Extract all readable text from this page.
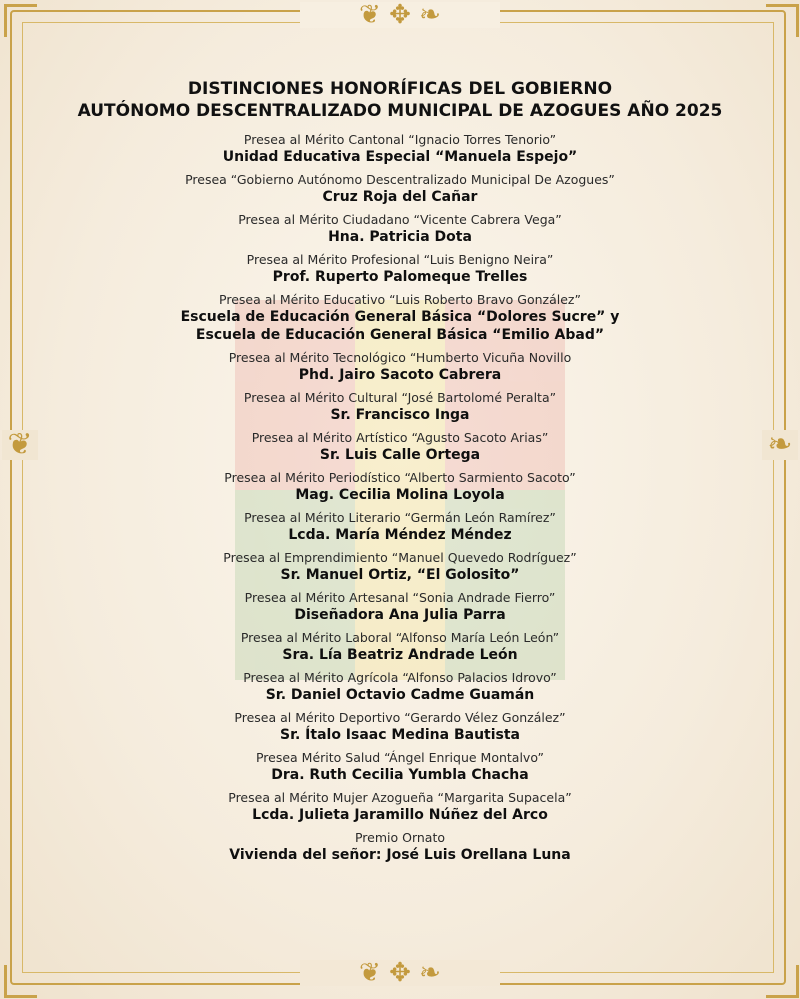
❦ ✥ ❧
❦ ✥ ❧
❦	❧
DISTINCIONES HONORÍFICAS DEL GOBIERNO
AUTÓNOMO DESCENTRALIZADO MUNICIPAL DE AZOGUES AÑO 2025
Presea al Mérito Cantonal “Ignacio Torres Tenorio”
Unidad Educativa Especial “Manuela Espejo”
Presea “Gobierno Autónomo Descentralizado Municipal De Azogues”
Cruz Roja del Cañar
Presea al Mérito Ciudadano “Vicente Cabrera Vega”
Hna. Patricia Dota
Presea al Mérito Profesional “Luis Benigno Neira”
Prof. Ruperto Palomeque Trelles
Presea al Mérito Educativo “Luis Roberto Bravo González”
Escuela de Educación General Básica “Dolores Sucre” y
Escuela de Educación General Básica “Emilio Abad”
Presea al Mérito Tecnológico “Humberto Vicuña Novillo
Phd. Jairo Sacoto Cabrera
Presea al Mérito Cultural “José Bartolomé Peralta”
Sr. Francisco Inga
Presea al Mérito Artístico “Agusto Sacoto Arias”
Sr. Luis Calle Ortega
Presea al Mérito Periodístico “Alberto Sarmiento Sacoto”
Mag. Cecilia Molina Loyola
Presea al Mérito Literario “Germán León Ramírez”
Lcda. María Méndez Méndez
Presea al Emprendimiento “Manuel Quevedo Rodríguez”
Sr. Manuel Ortiz, “El Golosito”
Presea al Mérito Artesanal “Sonia Andrade Fierro”
Diseñadora Ana Julia Parra
Presea al Mérito Laboral “Alfonso María León León”
Sra. Lía Beatriz Andrade León
Presea al Mérito Agrícola “Alfonso Palacios Idrovo”
Sr. Daniel Octavio Cadme Guamán
Presea al Mérito Deportivo “Gerardo Vélez González”
Sr. Ítalo Isaac Medina Bautista
Presea Mérito Salud “Ángel Enrique Montalvo”
Dra. Ruth Cecilia Yumbla Chacha
Presea al Mérito Mujer Azogueña “Margarita Supacela”
Lcda. Julieta Jaramillo Núñez del Arco
Premio Ornato
Vivienda del señor: José Luis Orellana Luna
